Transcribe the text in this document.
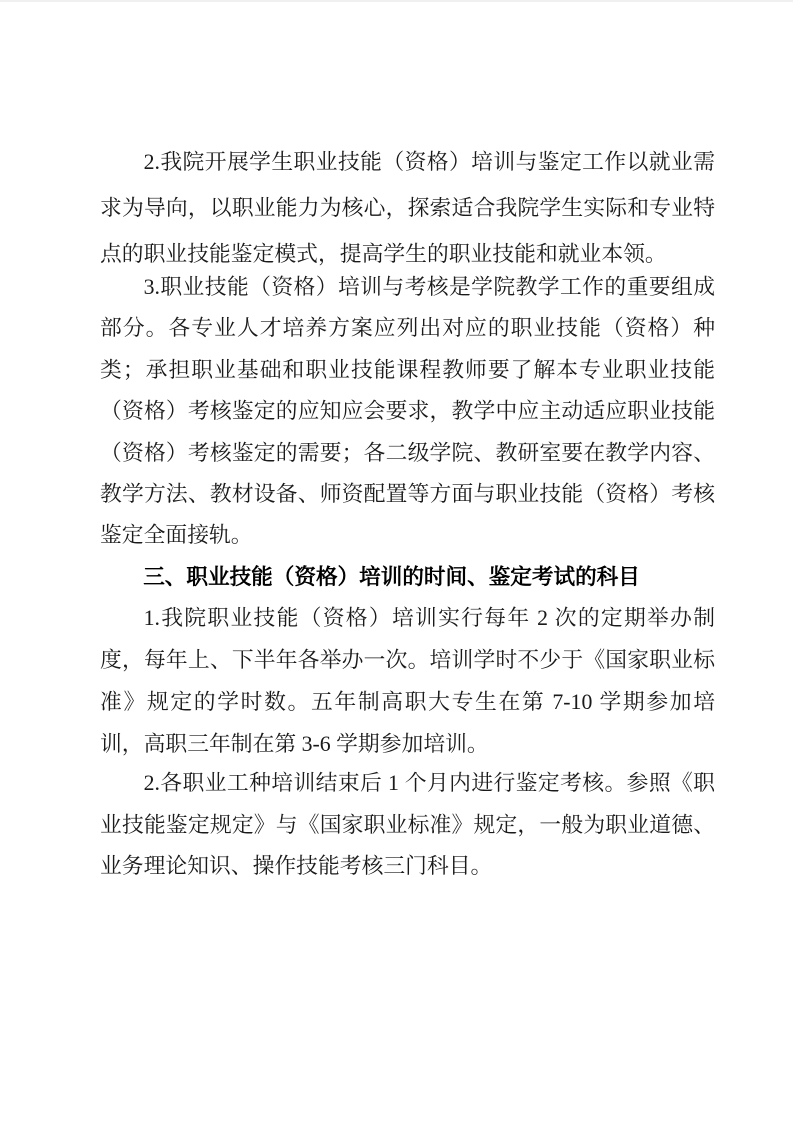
2.我院开展学生职业技能（资格）培训与鉴定工作以就业需求为导向，以职业能力为核心，探索适合我院学生实际和专业特点的职业技能鉴定模式，提高学生的职业技能和就业本领。

3.职业技能（资格）培训与考核是学院教学工作的重要组成部分。各专业人才培养方案应列出对应的职业技能（资格）种类；承担职业基础和职业技能课程教师要了解本专业职业技能（资格）考核鉴定的应知应会要求，教学中应主动适应职业技能（资格）考核鉴定的需要；各二级学院、教研室要在教学内容、教学方法、教材设备、师资配置等方面与职业技能（资格）考核鉴定全面接轨。

三、职业技能（资格）培训的时间、鉴定考试的科目

1.我院职业技能（资格）培训实行每年 2 次的定期举办制度，每年上、下半年各举办一次。培训学时不少于《国家职业标准》规定的学时数。五年制高职大专生在第 7-10 学期参加培训，高职三年制在第 3-6 学期参加培训。

2.各职业工种培训结束后 1 个月内进行鉴定考核。参照《职业技能鉴定规定》与《国家职业标准》规定，一般为职业道德、业务理论知识、操作技能考核三门科目。
